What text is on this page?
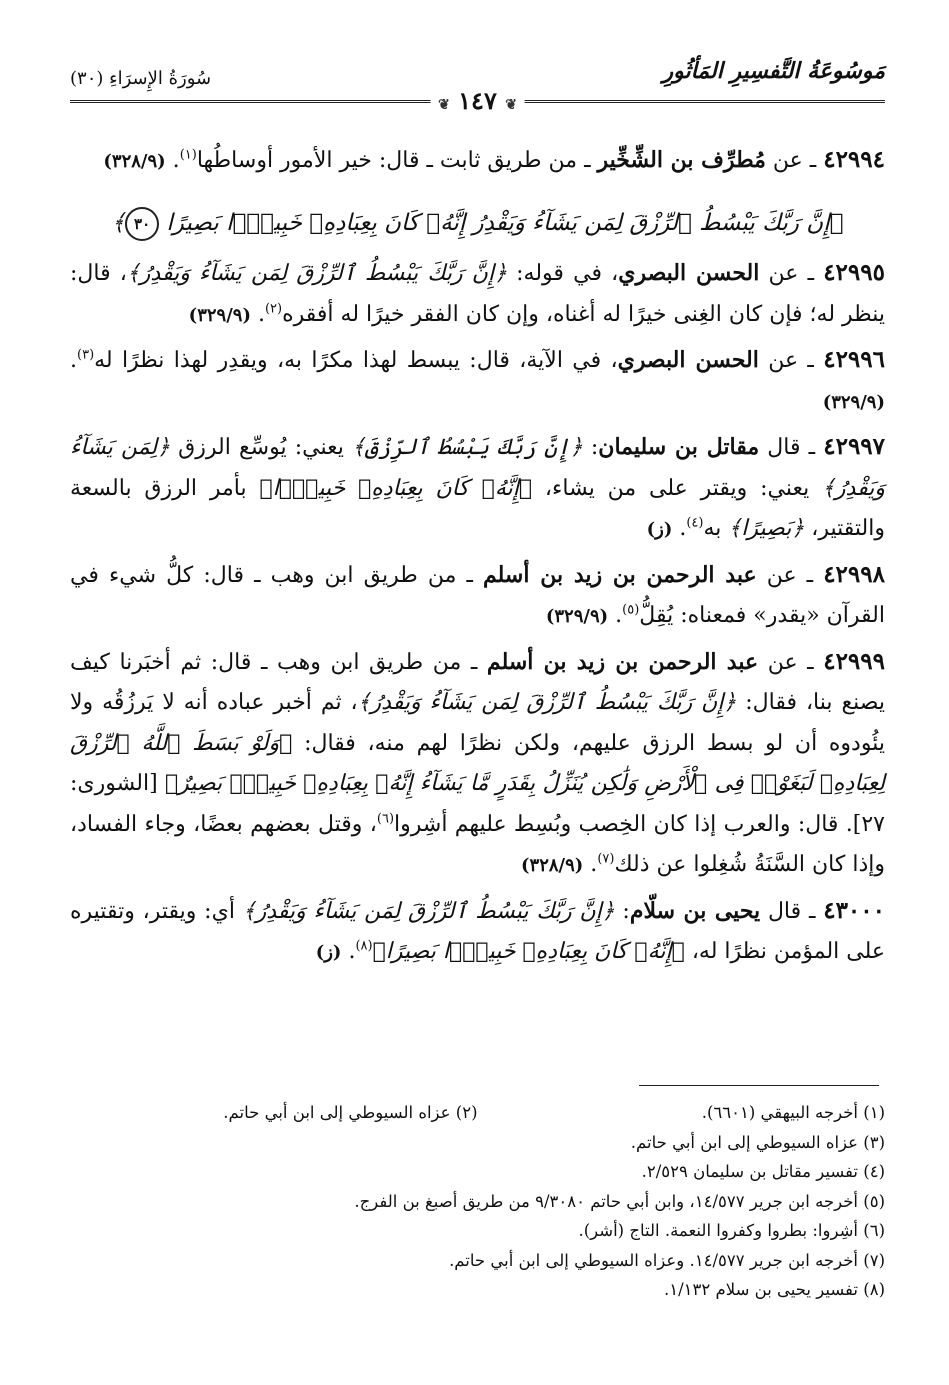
مَوسُوعَةُ التَّفسِيرِ المَأثُورِ
سُورَةُ الإِسرَاءِ (٣٠)
❦ ١٤٧ ❦

٤٢٩٩٤ ـ عن مُطرِّف بن الشِّخِّير ـ من طريق ثابت ـ قال: خير الأمور أوساطُها$^{(١)}$. (٣٢٨/٩)

﴿إِنَّ رَبَّكَ يَبْسُطُ ٱلرِّزْقَ لِمَن يَشَآءُ وَيَقْدِرُ إِنَّهُۥ كَانَ بِعِبَادِهِۦ خَبِيرًۢا بَصِيرًا ٣٠﴾

٤٢٩٩٥ ـ عن الحسن البصري، في قوله: ﴿إِنَّ رَبَّكَ يَبْسُطُ ٱلرِّزْقَ لِمَن يَشَآءُ وَيَقْدِرُ﴾، قال: ينظر له؛ فإن كان الغِنى خيرًا له أغناه، وإن كان الفقر خيرًا له أفقره$^{(٢)}$. (٣٢٩/٩)

٤٢٩٩٦ ـ عن الحسن البصري، في الآية، قال: يبسط لهذا مكرًا به، ويقدِر لهذا نظرًا له$^{(٣)}$. (٣٢٩/٩)

٤٢٩٩٧ ـ قال مقاتل بن سليمان: ﴿إِنَّ رَبَّكَ يَبْسُطُ ٱلرِّزْقَ﴾ يعني: يُوسِّع الرزق ﴿لِمَن يَشَآءُ وَيَقْدِرُ﴾ يعني: ويقتر على من يشاء، ﴿إِنَّهُۥ كَانَ بِعِبَادِهِۦ خَبِيرًۢا﴾ بأمر الرزق بالسعة والتقتير، ﴿بَصِيرًا﴾ به$^{(٤)}$. (ز)

٤٢٩٩٨ ـ عن عبد الرحمن بن زيد بن أسلم ـ من طريق ابن وهب ـ قال: كلُّ شيء في القرآن «يقدر» فمعناه: يُقِلُّ$^{(٥)}$. (٣٢٩/٩)

٤٢٩٩٩ ـ عن عبد الرحمن بن زيد بن أسلم ـ من طريق ابن وهب ـ قال: ثم أخبَرنا كيف يصنع بنا، فقال: ﴿إِنَّ رَبَّكَ يَبْسُطُ ٱلرِّزْقَ لِمَن يَشَآءُ وَيَقْدِرُ﴾، ثم أخبر عباده أنه لا يَرزُقُه ولا يئُودوه أن لو بسط الرزق عليهم، ولكن نظرًا لهم منه، فقال: ﴿وَلَوْ بَسَطَ ٱللَّهُ ٱلرِّزْقَ لِعِبَادِهِۦ لَبَغَوْا۟ فِى ٱلْأَرْضِ وَلَٰكِن يُنَزِّلُ بِقَدَرٍ مَّا يَشَآءُ إِنَّهُۥ بِعِبَادِهِۦ خَبِيرٌۢ بَصِيرٌ﴾ [الشورى: ٢٧]. قال: والعرب إذا كان الخِصب وبُسِط عليهم أشِروا$^{(٦)}$، وقتل بعضهم بعضًا، وجاء الفساد، وإذا كان السَّنَةُ شُغِلوا عن ذلك$^{(٧)}$. (٣٢٨/٩)

٤٣٠٠٠ ـ قال يحيى بن سلّام: ﴿إِنَّ رَبَّكَ يَبْسُطُ ٱلرِّزْقَ لِمَن يَشَآءُ وَيَقْدِرُ﴾ أي: ويقتر، وتقتيره على المؤمن نظرًا له، ﴿إِنَّهُۥ كَانَ بِعِبَادِهِۦ خَبِيرًۢا بَصِيرًا﴾$^{(٨)}$. (ز)

(١) أخرجه البيهقي (٦٦٠١).
(٢) عزاه السيوطي إلى ابن أبي حاتم.
(٣) عزاه السيوطي إلى ابن أبي حاتم.
(٤) تفسير مقاتل بن سليمان ٢/٥٢٩.
(٥) أخرجه ابن جرير ١٤/٥٧٧، وابن أبي حاتم ٩/٣٠٨٠ من طريق أصبغ بن الفرج.
(٦) أشِروا: بطروا وكفروا النعمة. التاج (أشر).
(٧) أخرجه ابن جرير ١٤/٥٧٧. وعزاه السيوطي إلى ابن أبي حاتم.
(٨) تفسير يحيى بن سلام ١/١٣٢.
